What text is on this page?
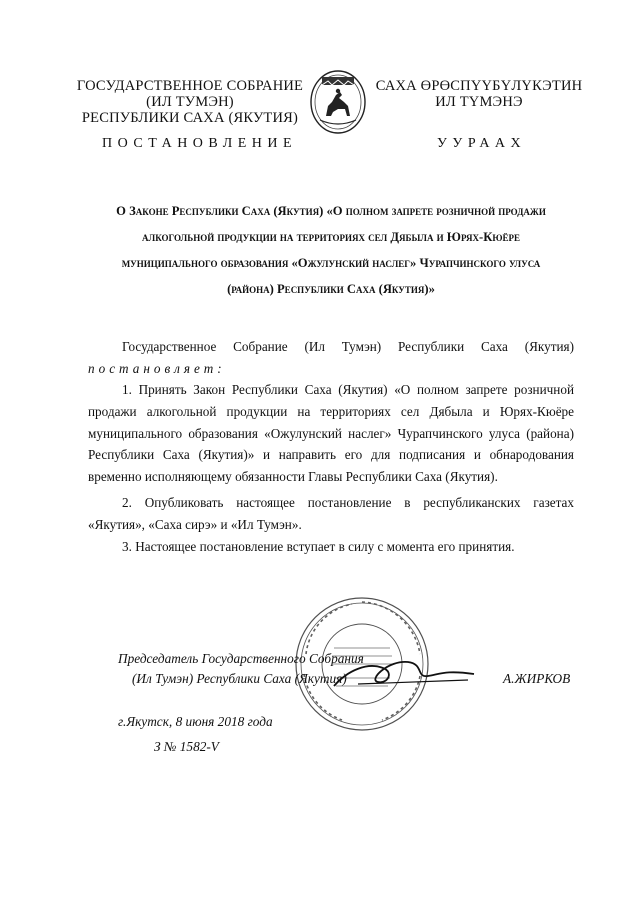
ГОСУДАРСТВЕННОЕ СОБРАНИЕ
(ИЛ ТУМЭН)
РЕСПУБЛИКИ САХА (ЯКУТИЯ)
ПОСТАНОВЛЕНИЕ
САХА ӨРӨСПҮҮБҮЛҮКЭТИН
ИЛ ТҮМЭНЭ
УУРААХ
О Законе Республики Саха (Якутия) «О полном запрете розничной продажи
алкогольной продукции на территориях сел Дябыла и Юрях-Кюёре
муниципального образования «Ожулунский наслег» Чурапчинского улуса
(района) Республики Саха (Якутия)»
Государственное Собрание (Ил Тумэн) Республики Саха (Якутия)
постановляет:
1. Принять Закон Республики Саха (Якутия) «О полном запрете розничной продажи алкогольной продукции на территориях сел Дябыла и Юрях-Кюёре муниципального образования «Ожулунский наслег» Чурапчинского улуса (района) Республики Саха (Якутия)» и направить его для подписания и обнародования временно исполняющему обязанности Главы Республики Саха (Якутия).
2. Опубликовать настоящее постановление в республиканских газетах «Якутия», «Саха сирэ» и «Ил Тумэн».
3. Настоящее постановление вступает в силу с момента его принятия.
Председатель Государственного Собрания
(Ил Тумэн) Республики Саха (Якутия)	А.ЖИРКОВ
г.Якутск, 8 июня 2018 года
З № 1582-V
